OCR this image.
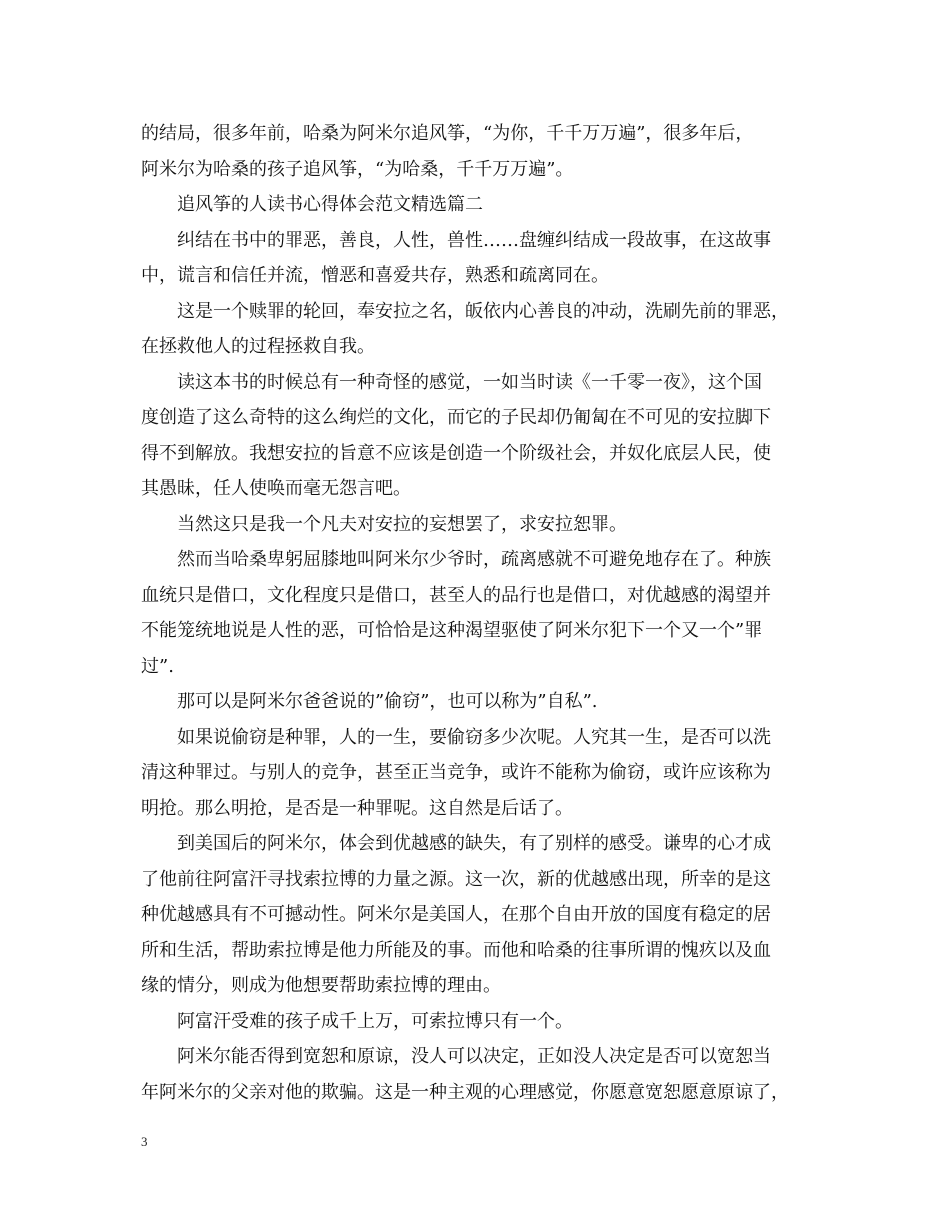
的结局，很多年前，哈桑为阿米尔追风筝，“为你，千千万万遍”，很多年后，
阿米尔为哈桑的孩子追风筝，“为哈桑，千千万万遍”。
追风筝的人读书心得体会范文精选篇二
纠结在书中的罪恶，善良，人性，兽性……盘缠纠结成一段故事，在这故事
中，谎言和信任并流，憎恶和喜爱共存，熟悉和疏离同在。
这是一个赎罪的轮回，奉安拉之名，皈依内心善良的冲动，洗刷先前的罪恶，
在拯救他人的过程拯救自我。
读这本书的时候总有一种奇怪的感觉，一如当时读《一千零一夜》，这个国
度创造了这么奇特的这么绚烂的文化，而它的子民却仍匍匐在不可见的安拉脚下
得不到解放。我想安拉的旨意不应该是创造一个阶级社会，并奴化底层人民，使
其愚昧，任人使唤而毫无怨言吧。
当然这只是我一个凡夫对安拉的妄想罢了，求安拉恕罪。
然而当哈桑卑躬屈膝地叫阿米尔少爷时，疏离感就不可避免地存在了。种族
血统只是借口，文化程度只是借口，甚至人的品行也是借口，对优越感的渴望并
不能笼统地说是人性的恶，可恰恰是这种渴望驱使了阿米尔犯下一个又一个”罪
过”.
那可以是阿米尔爸爸说的”偷窃”，也可以称为”自私”.
如果说偷窃是种罪，人的一生，要偷窃多少次呢。人究其一生，是否可以洗
清这种罪过。与别人的竞争，甚至正当竞争，或许不能称为偷窃，或许应该称为
明抢。那么明抢，是否是一种罪呢。这自然是后话了。
到美国后的阿米尔，体会到优越感的缺失，有了别样的感受。谦卑的心才成
了他前往阿富汗寻找索拉博的力量之源。这一次，新的优越感出现，所幸的是这
种优越感具有不可撼动性。阿米尔是美国人，在那个自由开放的国度有稳定的居
所和生活，帮助索拉博是他力所能及的事。而他和哈桑的往事所谓的愧疚以及血
缘的情分，则成为他想要帮助索拉博的理由。
阿富汗受难的孩子成千上万，可索拉博只有一个。
阿米尔能否得到宽恕和原谅，没人可以决定，正如没人决定是否可以宽恕当
年阿米尔的父亲对他的欺骗。这是一种主观的心理感觉，你愿意宽恕愿意原谅了，
3
